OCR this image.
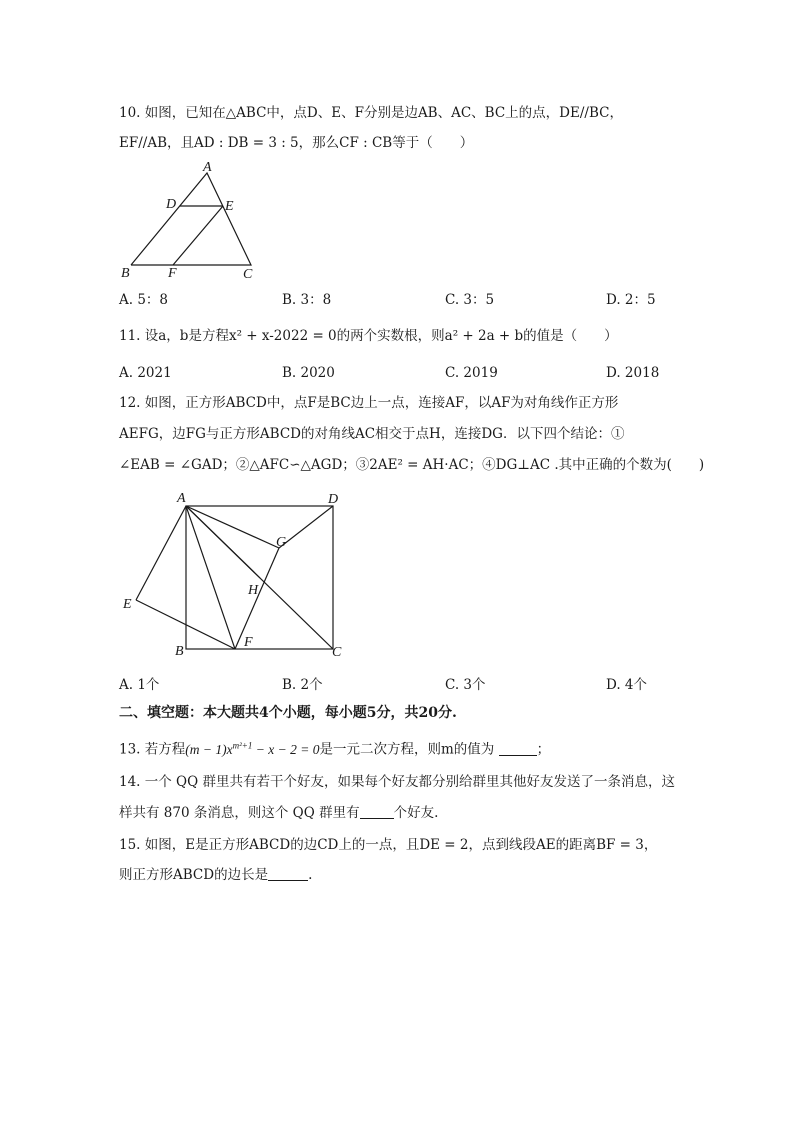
10. 如图，已知在△ABC中，点D、E、F分别是边AB、AC、BC上的点，DE//BC，
EF//AB，且AD : DB = 3 : 5，那么CF : CB等于（　　）
A
D	E
B	F	C
A. 5：8	B. 3：8	C. 3：5	D. 2：5
11. 设a，b是方程x² + x-2022 = 0的两个实数根，则a² + 2a + b的值是（　　）
A. 2021	B. 2020	C. 2019	D. 2018
12. 如图，正方形ABCD中，点F是BC边上一点，连接AF，以AF为对角线作正方形
AEFG，边FG与正方形ABCD的对角线AC相交于点H，连接DG．以下四个结论：①
∠EAB = ∠GAD；②△AFC∽△AGD；③2AE² = AH·AC；④DG⊥AC .其中正确的个数为(　　)
A	D
G
H
E
B
F
C
A. 1个	B. 2个	C. 3个	D. 4个
二、填空题：本大题共4个小题，每小题5分，共20分.
13. 若方程$(m - 1)x^{m^2+1} - x - 2 = 0$是一元二次方程，则m的值为	；
14. 一个 QQ 群里共有若干个好友，如果每个好友都分别给群里其他好友发送了一条消息，这
样共有 870 条消息，则这个 QQ 群里有	个好友.
15. 如图，E是正方形ABCD的边CD上的一点，且DE = 2，点到线段AE的距离BF = 3，
则正方形ABCD的边长是	.
